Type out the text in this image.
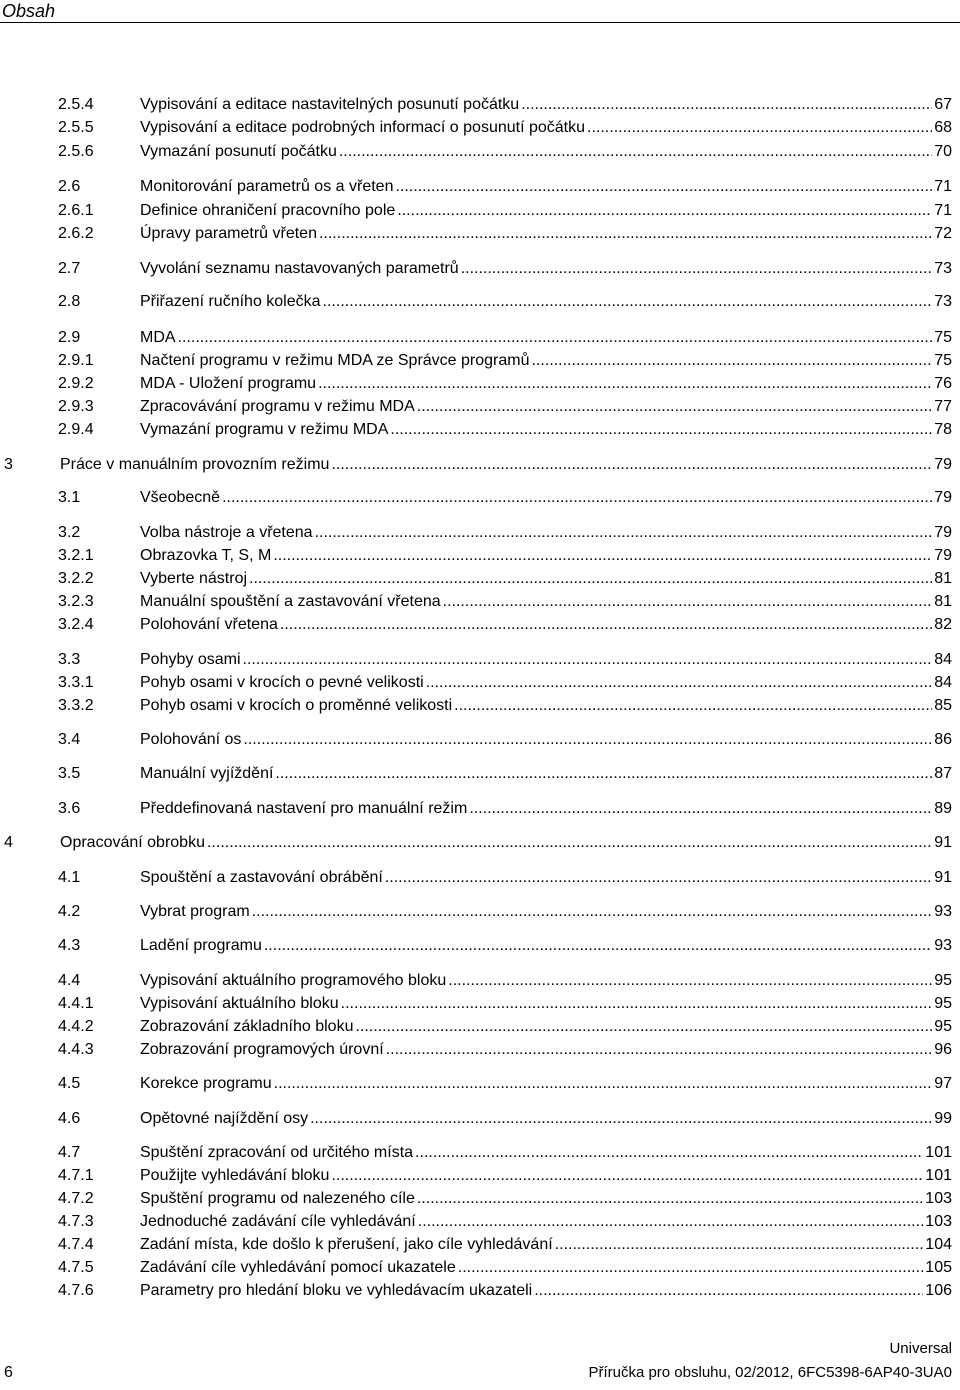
Obsah
2.5.4	Vypisování a editace nastavitelných posunutí počátku .....	67
2.5.5	Vypisování a editace podrobných informací o posunutí počátku .....	68
2.5.6	Vymazání posunutí počátku .....	70
2.6	Monitorování parametrů os a vřeten .....	71
2.6.1	Definice ohraničení pracovního pole .....	71
2.6.2	Úpravy parametrů vřeten .....	72
2.7	Vyvolání seznamu nastavovaných parametrů .....	73
2.8	Přiřazení ručního kolečka .....	73
2.9	MDA .....	75
2.9.1	Načtení programu v režimu MDA ze Správce programů .....	75
2.9.2	MDA - Uložení programu .....	76
2.9.3	Zpracovávání programu v režimu MDA .....	77
2.9.4	Vymazání programu v režimu MDA .....	78
3	Práce v manuálním provozním režimu .....	79
3.1	Všeobecně .....	79
3.2	Volba nástroje a vřetena .....	79
3.2.1	Obrazovka T, S, M .....	79
3.2.2	Vyberte nástroj .....	81
3.2.3	Manuální spouštění a zastavování vřetena .....	81
3.2.4	Polohování vřetena .....	82
3.3	Pohyby osami .....	84
3.3.1	Pohyb osami v krocích o pevné velikosti .....	84
3.3.2	Pohyb osami v krocích o proměnné velikosti .....	85
3.4	Polohování os .....	86
3.5	Manuální vyjíždění .....	87
3.6	Předdefinovaná nastavení pro manuální režim .....	89
4	Opracování obrobku .....	91
4.1	Spouštění a zastavování obrábění .....	91
4.2	Vybrat program .....	93
4.3	Ladění programu .....	93
4.4	Vypisování aktuálního programového bloku .....	95
4.4.1	Vypisování aktuálního bloku .....	95
4.4.2	Zobrazování základního bloku .....	95
4.4.3	Zobrazování programových úrovní .....	96
4.5	Korekce programu .....	97
4.6	Opětovné najíždění osy .....	99
4.7	Spuštění zpracování od určitého místa .....	101
4.7.1	Použijte vyhledávání bloku .....	101
4.7.2	Spuštění programu od nalezeného cíle .....	103
4.7.3	Jednoduché zadávání cíle vyhledávání .....	103
4.7.4	Zadání místa, kde došlo k přerušení, jako cíle vyhledávání .....	104
4.7.5	Zadávání cíle vyhledávání pomocí ukazatele .....	105
4.7.6	Parametry pro hledání bloku ve vyhledávacím ukazateli .....	106
6
Universal
Příručka pro obsluhu, 02/2012, 6FC5398-6AP40-3UA0
